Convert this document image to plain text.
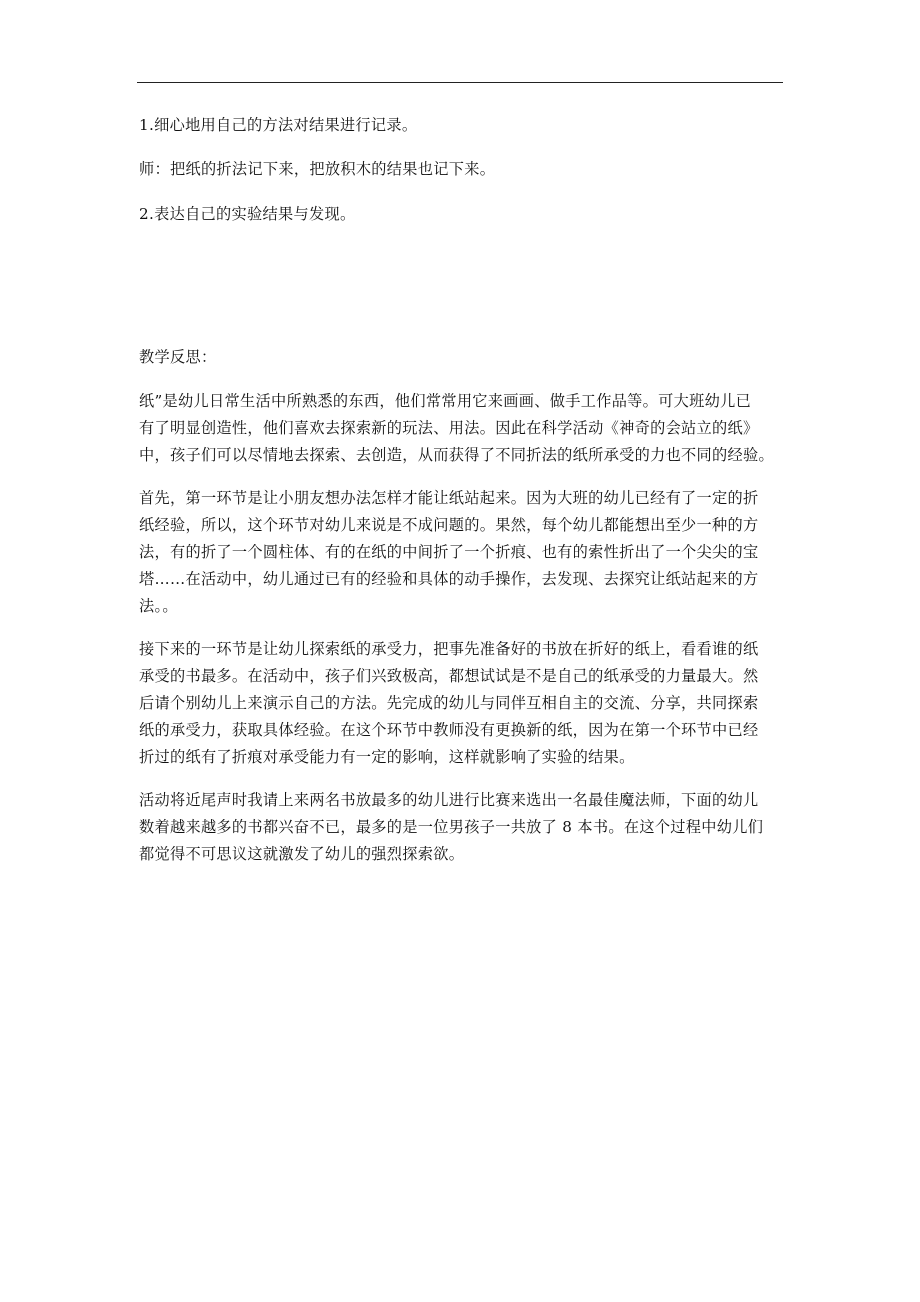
1.细心地用自己的方法对结果进行记录。

师：把纸的折法记下来，把放积木的结果也记下来。

2.表达自己的实验结果与发现。

教学反思：

纸”是幼儿日常生活中所熟悉的东西，他们常常用它来画画、做手工作品等。可大班幼儿已
有了明显创造性，他们喜欢去探索新的玩法、用法。因此在科学活动《神奇的会站立的纸》
中，孩子们可以尽情地去探索、去创造，从而获得了不同折法的纸所承受的力也不同的经验。
首先，第一环节是让小朋友想办法怎样才能让纸站起来。因为大班的幼儿已经有了一定的折
纸经验，所以，这个环节对幼儿来说是不成问题的。果然，每个幼儿都能想出至少一种的方
法，有的折了一个圆柱体、有的在纸的中间折了一个折痕、也有的索性折出了一个尖尖的宝
塔……在活动中，幼儿通过已有的经验和具体的动手操作，去发现、去探究让纸站起来的方
法。。
接下来的一环节是让幼儿探索纸的承受力，把事先准备好的书放在折好的纸上，看看谁的纸
承受的书最多。在活动中，孩子们兴致极高，都想试试是不是自己的纸承受的力量最大。然
后请个别幼儿上来演示自己的方法。先完成的幼儿与同伴互相自主的交流、分享，共同探索
纸的承受力，获取具体经验。在这个环节中教师没有更换新的纸，因为在第一个环节中已经
折过的纸有了折痕对承受能力有一定的影响，这样就影响了实验的结果。
活动将近尾声时我请上来两名书放最多的幼儿进行比赛来选出一名最佳魔法师，下面的幼儿
数着越来越多的书都兴奋不已，最多的是一位男孩子一共放了 8 本书。在这个过程中幼儿们
都觉得不可思议这就激发了幼儿的强烈探索欲。
